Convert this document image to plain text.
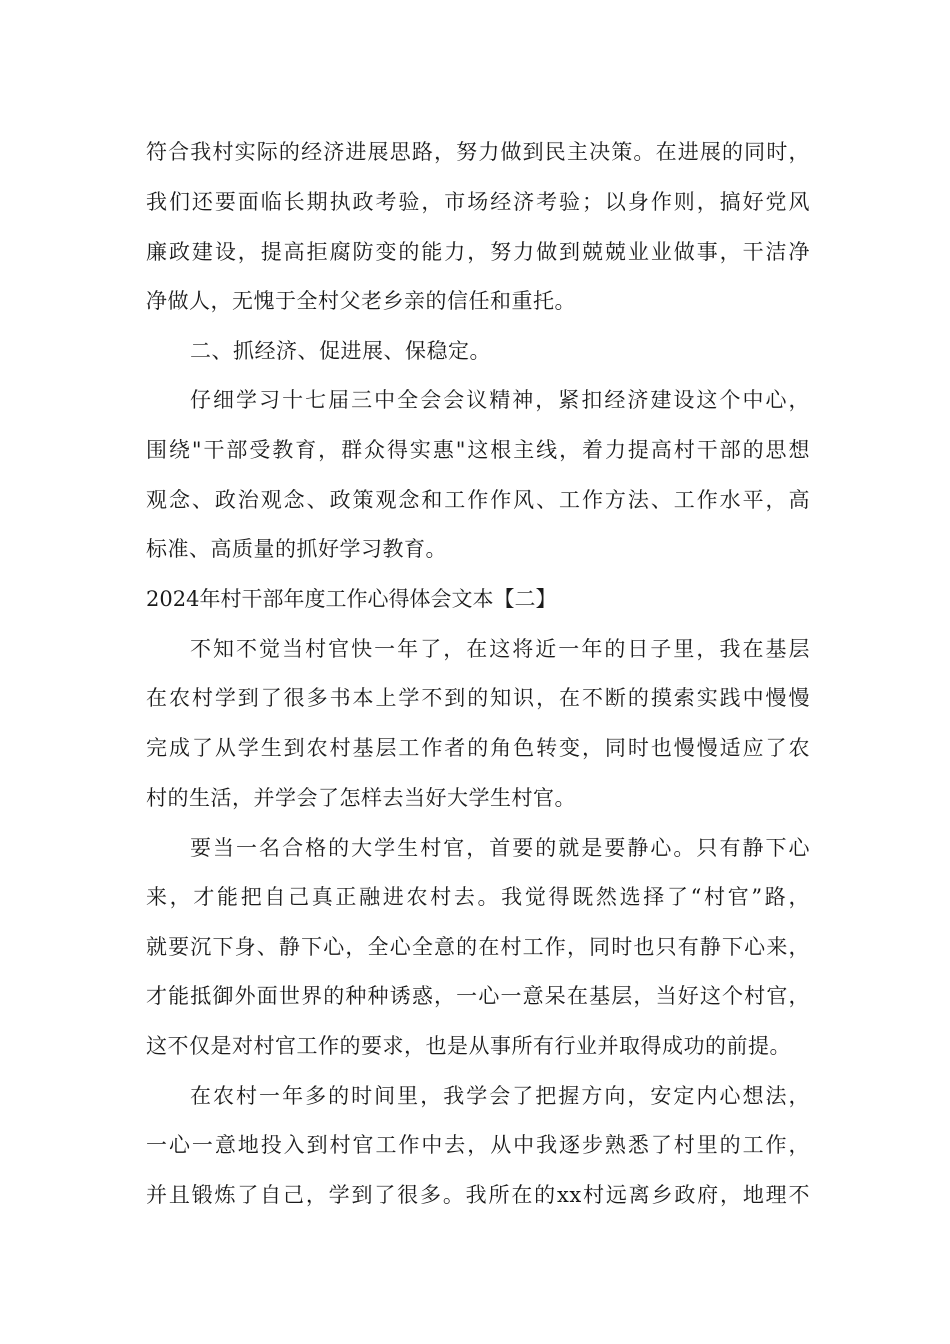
符合我村实际的经济进展思路，努力做到民主决策。在进展的同时，
我们还要面临长期执政考验，市场经济考验；以身作则，搞好党风
廉政建设，提高拒腐防变的能力，努力做到兢兢业业做事，干洁净
净做人，无愧于全村父老乡亲的信任和重托。
二、抓经济、促进展、保稳定。
仔细学习十七届三中全会会议精神，紧扣经济建设这个中心，
围绕"干部受教育，群众得实惠"这根主线，着力提高村干部的思想
观念、政治观念、政策观念和工作作风、工作方法、工作水平，高
标准、高质量的抓好学习教育。
2024年村干部年度工作心得体会文本【二】
不知不觉当村官快一年了，在这将近一年的日子里，我在基层
在农村学到了很多书本上学不到的知识，在不断的摸索实践中慢慢
完成了从学生到农村基层工作者的角色转变，同时也慢慢适应了农
村的生活，并学会了怎样去当好大学生村官。
要当一名合格的大学生村官，首要的就是要静心。只有静下心
来，才能把自己真正融进农村去。我觉得既然选择了“村官”路，
就要沉下身、静下心，全心全意的在村工作，同时也只有静下心来，
才能抵御外面世界的种种诱惑，一心一意呆在基层，当好这个村官，
这不仅是对村官工作的要求，也是从事所有行业并取得成功的前提。
在农村一年多的时间里，我学会了把握方向，安定内心想法，
一心一意地投入到村官工作中去，从中我逐步熟悉了村里的工作，
并且锻炼了自己，学到了很多。我所在的xx村远离乡政府，地理不
